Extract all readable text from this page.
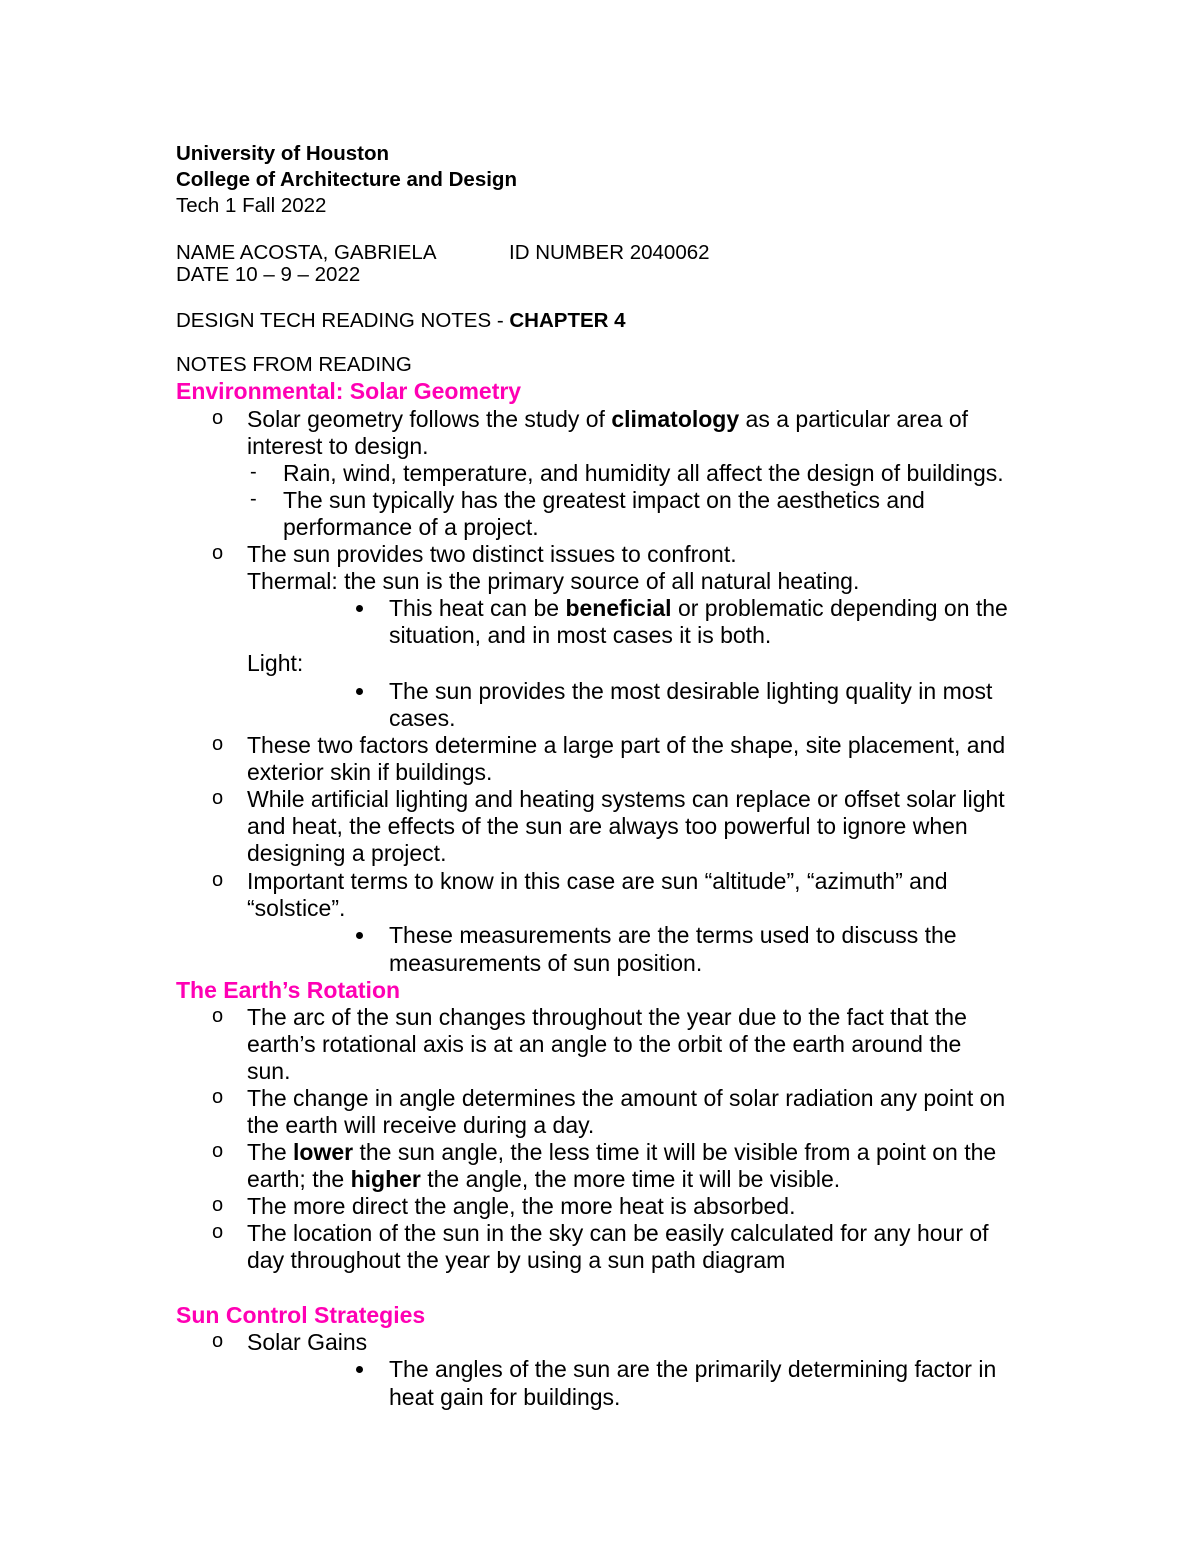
University of Houston
College of Architecture and Design
Tech 1 Fall 2022
NAME ACOSTA, GABRIELA	ID NUMBER 2040062
DATE 10 – 9 – 2022
DESIGN TECH READING NOTES - CHAPTER 4
NOTES FROM READING
Environmental: Solar Geometry
o Solar geometry follows the study of climatology as a particular area of
interest to design.
- Rain, wind, temperature, and humidity all affect the design of buildings.
- The sun typically has the greatest impact on the aesthetics and
performance of a project.
o The sun provides two distinct issues to confront.
Thermal: the sun is the primary source of all natural heating.
This heat can be beneficial or problematic depending on the
situation, and in most cases it is both.
Light:
The sun provides the most desirable lighting quality in most
cases.
o These two factors determine a large part of the shape, site placement, and
exterior skin if buildings.
o While artificial lighting and heating systems can replace or offset solar light
and heat, the effects of the sun are always too powerful to ignore when
designing a project.
o Important terms to know in this case are sun “altitude”, “azimuth” and
“solstice”.
These measurements are the terms used to discuss the
measurements of sun position.
The Earth’s Rotation
o The arc of the sun changes throughout the year due to the fact that the
earth’s rotational axis is at an angle to the orbit of the earth around the
sun.
o The change in angle determines the amount of solar radiation any point on
the earth will receive during a day.
o The lower the sun angle, the less time it will be visible from a point on the
earth; the higher the angle, the more time it will be visible.
o The more direct the angle, the more heat is absorbed.
o The location of the sun in the sky can be easily calculated for any hour of
day throughout the year by using a sun path diagram
Sun Control Strategies
o Solar Gains
The angles of the sun are the primarily determining factor in
heat gain for buildings.
